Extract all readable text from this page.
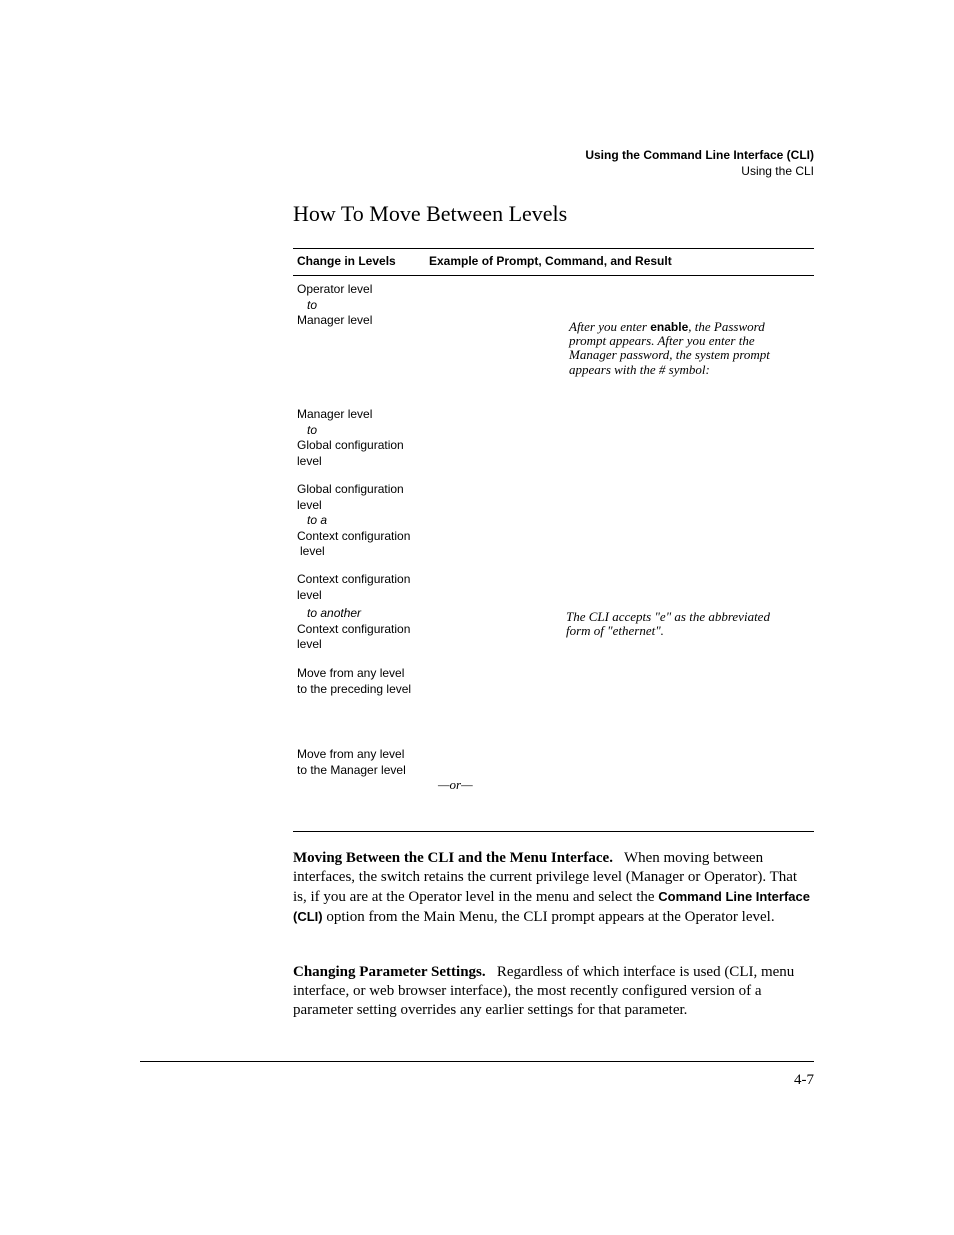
Using the Command Line Interface (CLI)
Using the CLI
How To Move Between Levels
Change in Levels	Example of Prompt, Command, and Result
Operator level
to
Manager level	After you enter enable, the Password
prompt appears. After you enter the
Manager password, the system prompt
appears with the # symbol:
Manager level
to
Global configuration
level
Global configuration
level
to a
Context configuration
level
Context configuration
level
to another
Context configuration
level
The CLI accepts "e" as the abbreviated
form of "ethernet".
Move from any level
to the preceding level
Move from any level
to the Manager level
—or—
Moving Between the CLI and the Menu Interface. When moving between interfaces, the switch retains the current privilege level (Manager or Operator). That is, if you are at the Operator level in the menu and select the Command Line Interface (CLI) option from the Main Menu, the CLI prompt appears at the Operator level.
Changing Parameter Settings. Regardless of which interface is used (CLI, menu interface, or web browser interface), the most recently configured version of a parameter setting overrides any earlier settings for that parameter.
4-7
